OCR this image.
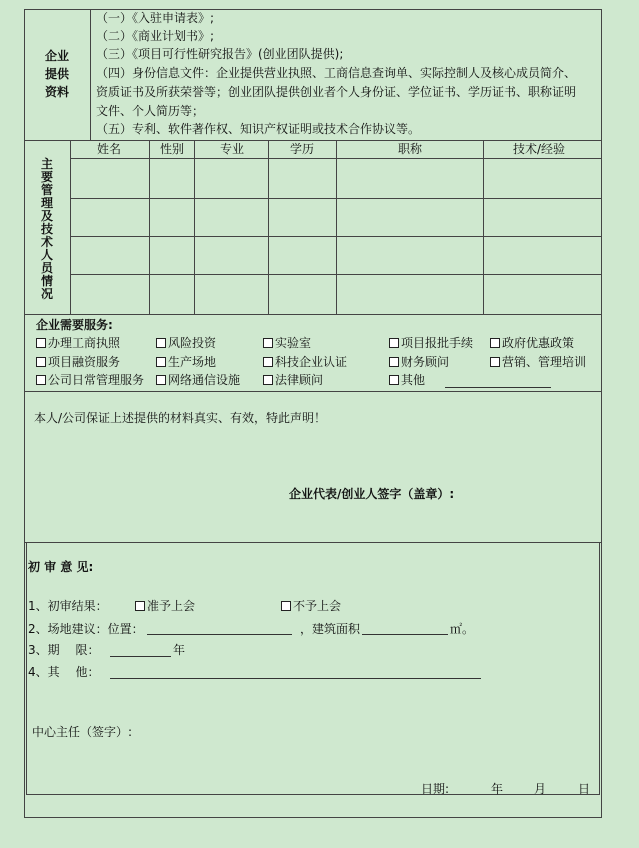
企业
提供
资料
（一）《入驻申请表》;
（二）《商业计划书》;
（三）《项目可行性研究报告》(创业团队提供);
（四）身份信息文件：企业提供营业执照、工商信息查询单、实际控制人及核心成员简介、
资质证书及所获荣誉等；创业团队提供创业者个人身份证、学位证书、学历证书、职称证明
文件、个人简历等；
（五）专利、软件著作权、知识产权证明或技术合作协议等。
主要管理及技术人员情况
姓名	性别	专业	学历	职称	技术/经验
企业需要服务:
办理工商执照	风险投资	实验室	项目报批手续	政府优惠政策
项目融资服务	生产场地	科技企业认证	财务顾问	营销、管理培训
公司日常管理服务	网络通信设施	法律顾问	其他
本人/公司保证上述提供的材料真实、有效，特此声明！
企业代表/创业人签字（盖章）:
初 审 意 见:
1、初审结果：	准予上会	不予上会
2、场地建议：位置：	，建筑面积	㎡。
3、期　 限：	年
4、其　 他：
中心主任（签字）:
日期:	年	月	日
